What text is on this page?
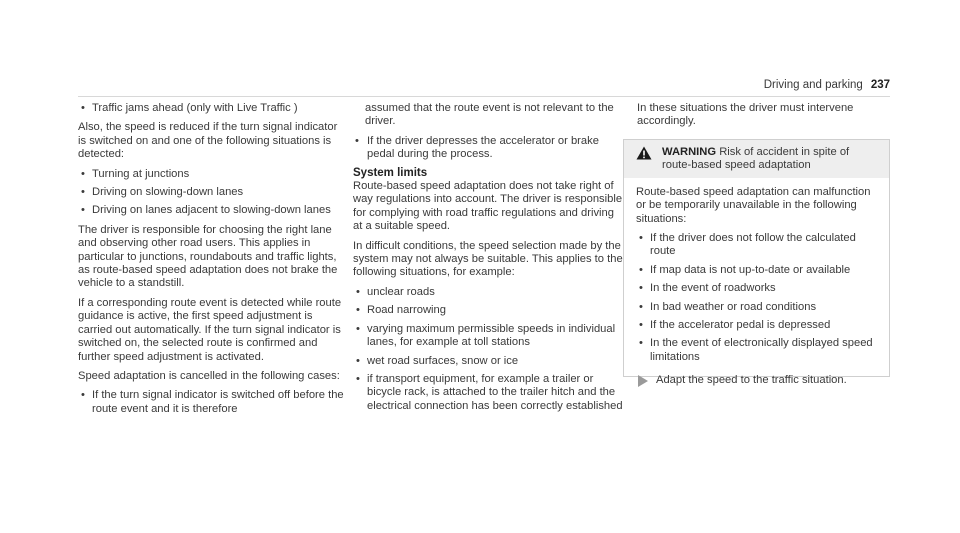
Driving and parking 237
• Traffic jams ahead (only with Live Traffic )

Also, the speed is reduced if the turn signal indicator is switched on and one of the following situations is detected:

• Turning at junctions
• Driving on slowing-down lanes
• Driving on lanes adjacent to slowing-down lanes

The driver is responsible for choosing the right lane and observing other road users. This applies in particular to junctions, roundabouts and traffic lights, as route-based speed adaptation does not brake the vehicle to a standstill.

If a corresponding route event is detected while route guidance is active, the first speed adjustment is carried out automatically. If the turn signal indicator is switched on, the selected route is confirmed and further speed adjustment is activated.

Speed adaptation is cancelled in the following cases:

• If the turn signal indicator is switched off before the route event and it is therefore
assumed that the route event is not relevant to the driver.
• If the driver depresses the accelerator or brake pedal during the process.
System limits

Route-based speed adaptation does not take right of way regulations into account. The driver is responsible for complying with road traffic regulations and driving at a suitable speed.

In difficult conditions, the speed selection made by the system may not always be suitable. This applies to the following situations, for example:

• unclear roads
• Road narrowing
• varying maximum permissible speeds in individual lanes, for example at toll stations
• wet road surfaces, snow or ice
• if transport equipment, for example a trailer or bicycle rack, is attached to the trailer hitch and the electrical connection has been correctly established

In these situations the driver must intervene accordingly.

WARNING Risk of accident in spite of route-based speed adaptation

Route-based speed adaptation can malfunction or be temporarily unavailable in the following situations:

• If the driver does not follow the calculated route
• If map data is not up-to-date or available
• In the event of roadworks
• In bad weather or road conditions
• If the accelerator pedal is depressed
• In the event of electronically displayed speed limitations
Adapt the speed to the traffic situation.
